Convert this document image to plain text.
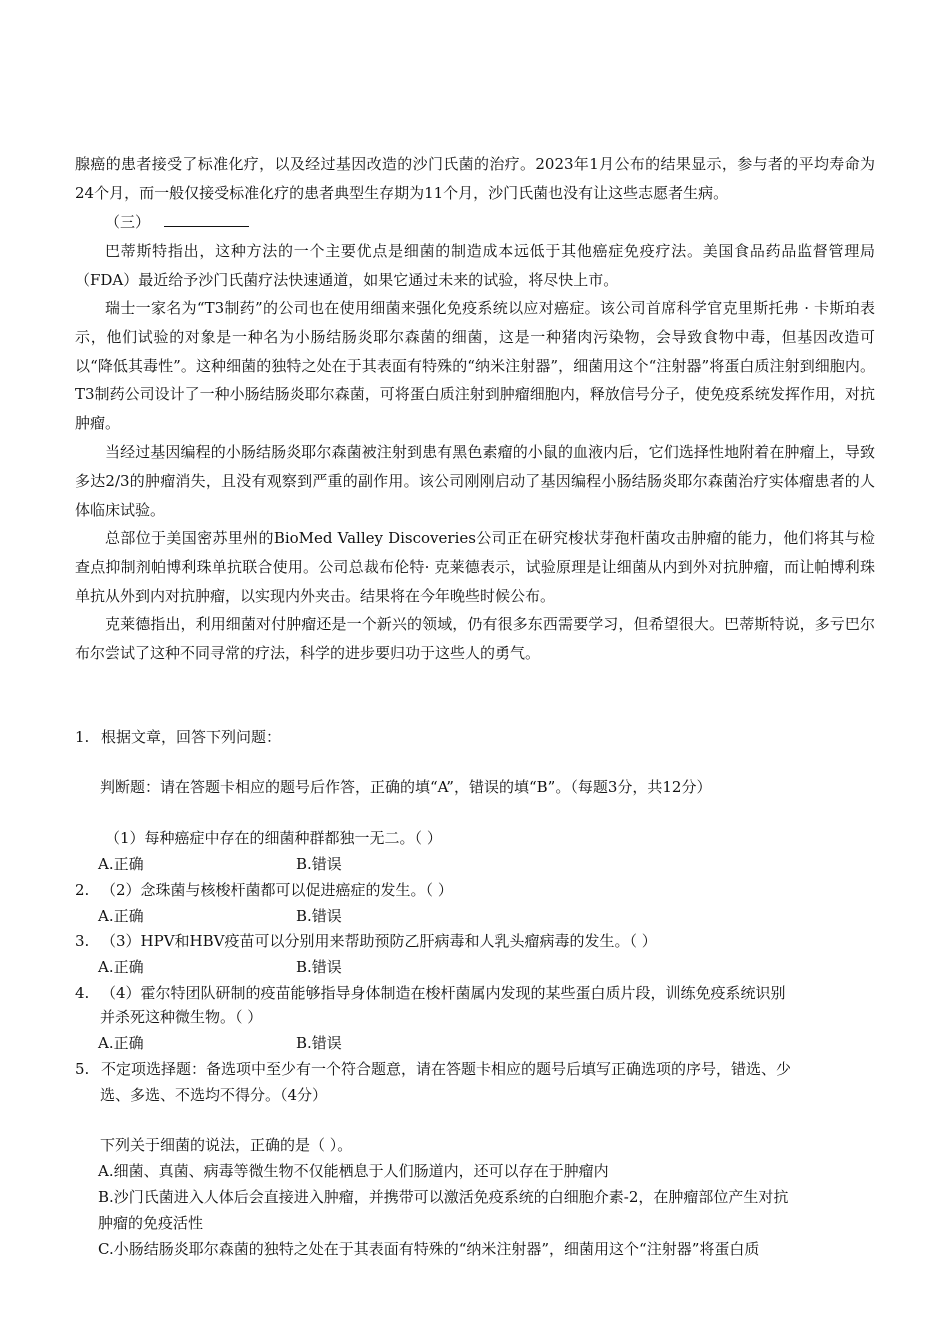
腺癌的患者接受了标准化疗，以及经过基因改造的沙门氏菌的治疗。2023年1月公布的结果显示，参与者的平均寿命为24个月，而一般仅接受标准化疗的患者典型生存期为11个月，沙门氏菌也没有让这些志愿者生病。
（三）
巴蒂斯特指出，这种方法的一个主要优点是细菌的制造成本远低于其他癌症免疫疗法。美国食品药品监督管理局（FDA）最近给予沙门氏菌疗法快速通道，如果它通过未来的试验，将尽快上市。
瑞士一家名为“T3制药”的公司也在使用细菌来强化免疫系统以应对癌症。该公司首席科学官克里斯托弗 · 卡斯珀表示，他们试验的对象是一种名为小肠结肠炎耶尔森菌的细菌，这是一种猪肉污染物，会导致食物中毒，但基因改造可以“降低其毒性”。这种细菌的独特之处在于其表面有特殊的“纳米注射器”，细菌用这个“注射器”将蛋白质注射到细胞内。T3制药公司设计了一种小肠结肠炎耶尔森菌，可将蛋白质注射到肿瘤细胞内，释放信号分子，使免疫系统发挥作用，对抗肿瘤。
当经过基因编程的小肠结肠炎耶尔森菌被注射到患有黑色素瘤的小鼠的血液内后，它们选择性地附着在肿瘤上，导致多达2/3的肿瘤消失，且没有观察到严重的副作用。该公司刚刚启动了基因编程小肠结肠炎耶尔森菌治疗实体瘤患者的人体临床试验。
总部位于美国密苏里州的BioMed Valley Discoveries公司正在研究梭状芽孢杆菌攻击肿瘤的能力，他们将其与检查点抑制剂帕博利珠单抗联合使用。公司总裁布伦特· 克莱德表示，试验原理是让细菌从内到外对抗肿瘤，而让帕博利珠单抗从外到内对抗肿瘤，以实现内外夹击。结果将在今年晚些时候公布。
克莱德指出，利用细菌对付肿瘤还是一个新兴的领域，仍有很多东西需要学习，但希望很大。巴蒂斯特说，多亏巴尔布尔尝试了这种不同寻常的疗法，科学的进步要归功于这些人的勇气。
1. 根据文章，回答下列问题：
判断题：请在答题卡相应的题号后作答，正确的填“A”，错误的填“B”。（每题3分，共12分）
（1）每种癌症中存在的细菌种群都独一无二。（ ）
A.正确	B.错误
2. （2）念珠菌与核梭杆菌都可以促进癌症的发生。（ ）
A.正确	B.错误
3. （3）HPV和HBV疫苗可以分别用来帮助预防乙肝病毒和人乳头瘤病毒的发生。（ ）
A.正确	B.错误
4. （4）霍尔特团队研制的疫苗能够指导身体制造在梭杆菌属内发现的某些蛋白质片段，训练免疫系统识别
并杀死这种微生物。（ ）
A.正确	B.错误
5. 不定项选择题：备选项中至少有一个符合题意，请在答题卡相应的题号后填写正确选项的序号，错选、少
选、多选、不选均不得分。（4分）
下列关于细菌的说法，正确的是（ ）。
A.细菌、真菌、病毒等微生物不仅能栖息于人们肠道内，还可以存在于肿瘤内
B.沙门氏菌进入人体后会直接进入肿瘤，并携带可以激活免疫系统的白细胞介素-2，在肿瘤部位产生对抗
肿瘤的免疫活性
C.小肠结肠炎耶尔森菌的独特之处在于其表面有特殊的“纳米注射器”，细菌用这个“注射器”将蛋白质
